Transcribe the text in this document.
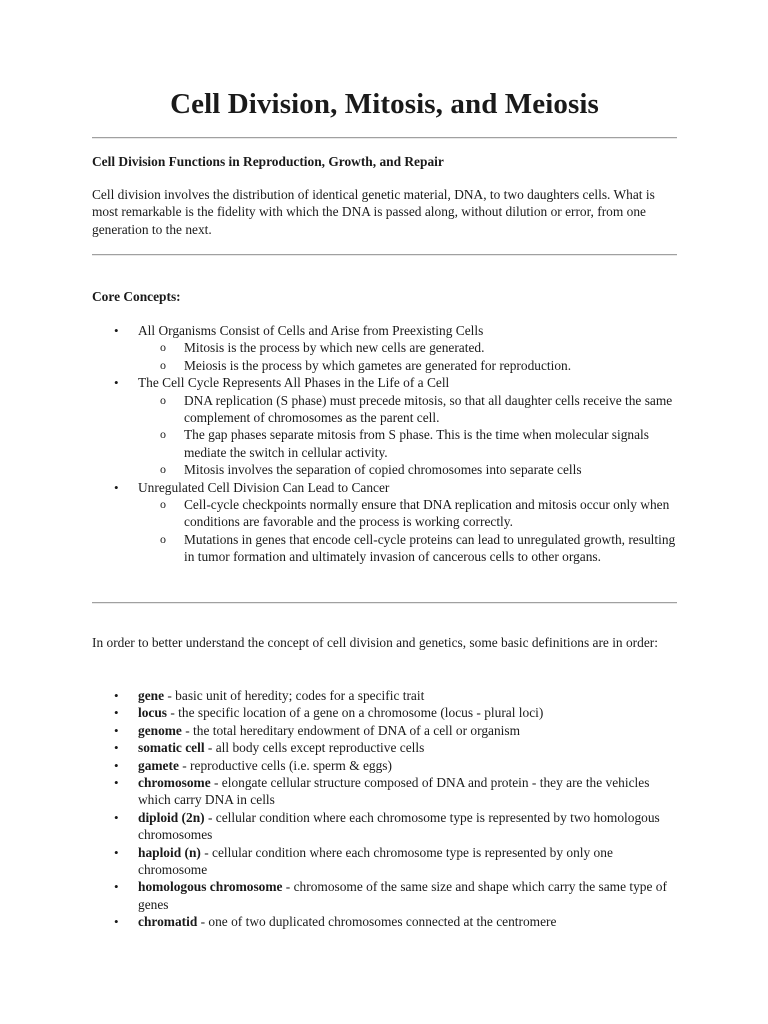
Cell Division, Mitosis, and Meiosis

Cell Division Functions in Reproduction, Growth, and Repair

Cell division involves the distribution of identical genetic material, DNA, to two daughters cells. What is most remarkable is the fidelity with which the DNA is passed along, without dilution or error, from one generation to the next.

Core Concepts:

• All Organisms Consist of Cells and Arise from Preexisting Cells
o Mitosis is the process by which new cells are generated.
o Meiosis is the process by which gametes are generated for reproduction.
• The Cell Cycle Represents All Phases in the Life of a Cell
o DNA replication (S phase) must precede mitosis, so that all daughter cells receive the same complement of chromosomes as the parent cell.
o The gap phases separate mitosis from S phase. This is the time when molecular signals mediate the switch in cellular activity.
o Mitosis involves the separation of copied chromosomes into separate cells
• Unregulated Cell Division Can Lead to Cancer
o Cell-cycle checkpoints normally ensure that DNA replication and mitosis occur only when conditions are favorable and the process is working correctly.
o Mutations in genes that encode cell-cycle proteins can lead to unregulated growth, resulting in tumor formation and ultimately invasion of cancerous cells to other organs.

In order to better understand the concept of cell division and genetics, some basic definitions are in order:

• gene - basic unit of heredity; codes for a specific trait
• locus - the specific location of a gene on a chromosome (locus - plural loci)
• genome - the total hereditary endowment of DNA of a cell or organism
• somatic cell - all body cells except reproductive cells
• gamete - reproductive cells (i.e. sperm & eggs)
• chromosome - elongate cellular structure composed of DNA and protein - they are the vehicles which carry DNA in cells
• diploid (2n) - cellular condition where each chromosome type is represented by two homologous chromosomes
• haploid (n) - cellular condition where each chromosome type is represented by only one chromosome
• homologous chromosome - chromosome of the same size and shape which carry the same type of genes
• chromatid - one of two duplicated chromosomes connected at the centromere
